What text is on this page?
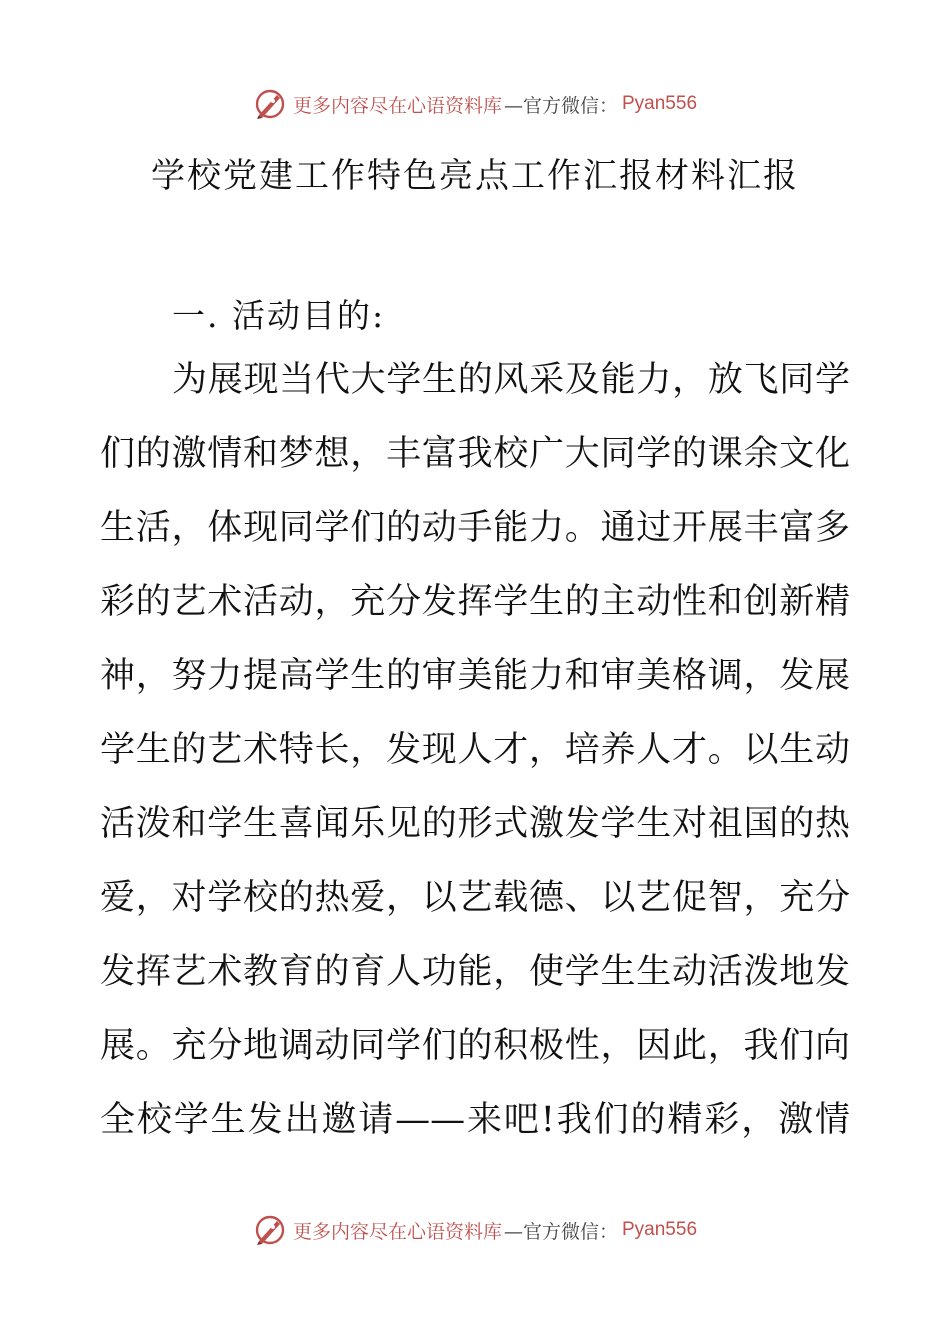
更多内容尽在心语资料库 —官方微信： Pyan556
学校党建工作特色亮点工作汇报材料汇报
一. 活动目的:
为展现当代大学生的风采及能力，放飞同学
们的激情和梦想，丰富我校广大同学的课余文化
生活，体现同学们的动手能力。通过开展丰富多
彩的艺术活动，充分发挥学生的主动性和创新精
神，努力提高学生的审美能力和审美格调，发展
学生的艺术特长，发现人才，培养人才。以生动
活泼和学生喜闻乐见的形式激发学生对祖国的热
爱，对学校的热爱，以艺载德、以艺促智，充分
发挥艺术教育的育人功能，使学生生动活泼地发
展。充分地调动同学们的积极性，因此，我们向
全校学生发出邀请——来吧!我们的精彩，激情
更多内容尽在心语资料库 —官方微信： Pyan556
